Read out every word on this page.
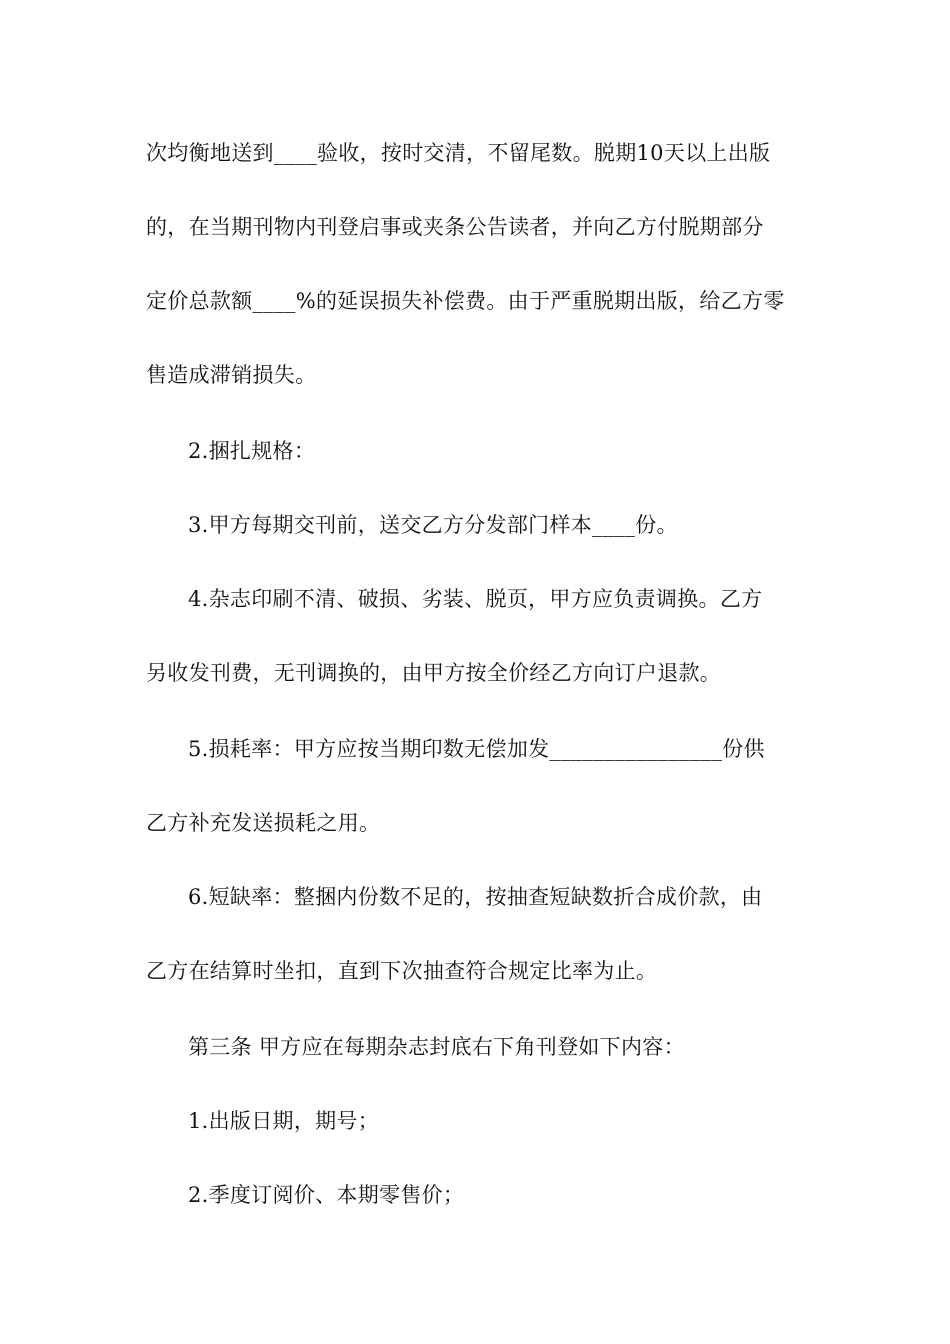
次均衡地送到____验收，按时交清，不留尾数。脱期10天以上出版
的，在当期刊物内刊登启事或夹条公告读者，并向乙方付脱期部分
定价总款额____%的延误损失补偿费。由于严重脱期出版，给乙方零
售造成滞销损失。
2.捆扎规格：
3.甲方每期交刊前，送交乙方分发部门样本____份。
4.杂志印刷不清、破损、劣装、脱页，甲方应负责调换。乙方
另收发刊费，无刊调换的，由甲方按全价经乙方向订户退款。
5.损耗率：甲方应按当期印数无偿加发________________份供
乙方补充发送损耗之用。
6.短缺率：整捆内份数不足的，按抽查短缺数折合成价款，由
乙方在结算时坐扣，直到下次抽查符合规定比率为止。
第三条 甲方应在每期杂志封底右下角刊登如下内容：
1.出版日期，期号；
2.季度订阅价、本期零售价；
